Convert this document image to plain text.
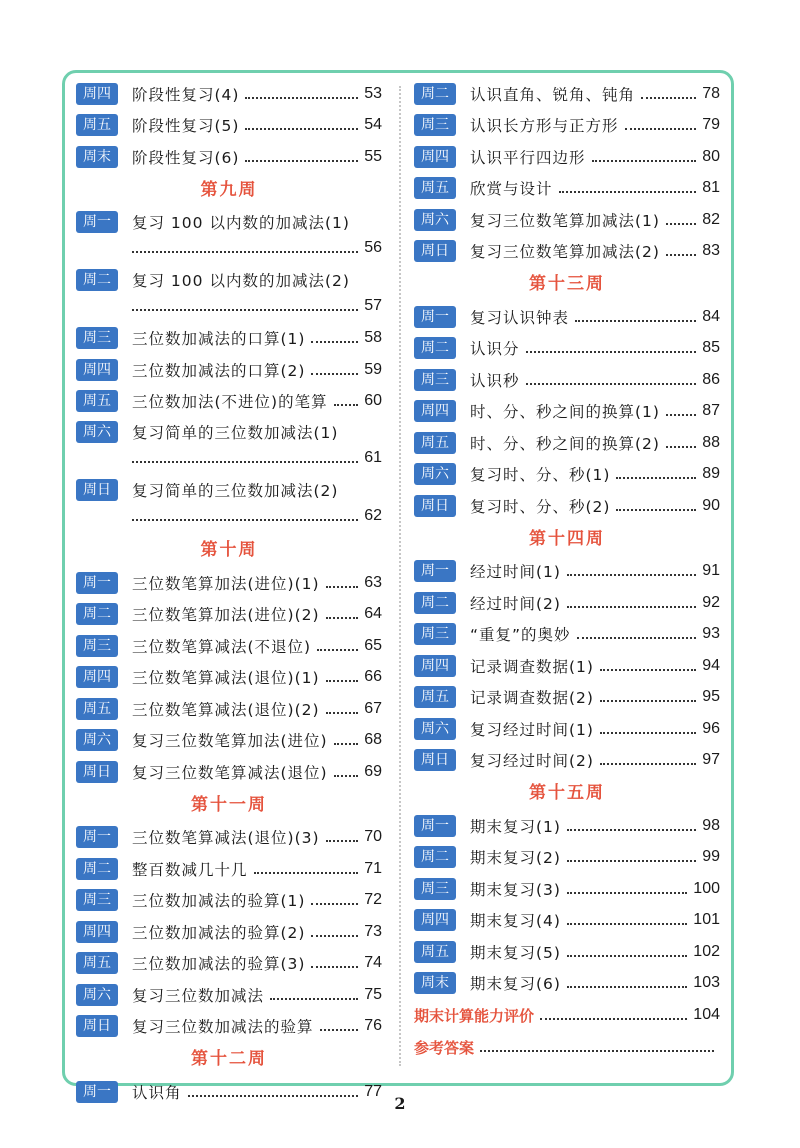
周四	阶段性复习(4)	53
周五	阶段性复习(5)	54
周末	阶段性复习(6)	55
第九周
周一	复习 100 以内数的加减法(1)
56
周二	复习 100 以内数的加减法(2)
57
周三	三位数加减法的口算(1)	58
周四	三位数加减法的口算(2)	59
周五	三位数加法(不进位)的笔算 60
周六	复习简单的三位数加减法(1)
61
周日	复习简单的三位数加减法(2)
62
第十周
周一	三位数笔算加法(进位)(1)	63
周二	三位数笔算加法(进位)(2)	64
周三	三位数笔算减法(不退位)	65
周四	三位数笔算减法(退位)(1)	66
周五	三位数笔算减法(退位)(2)	67
周六	复习三位数笔算加法(进位) 68
周日	复习三位数笔算减法(退位) 69
第十一周
周一	三位数笔算减法(退位)(3)	70
周二	整百数减几十几	71
周三	三位数加减法的验算(1)	72
周四	三位数加减法的验算(2)	73
周五	三位数加减法的验算(3)	74
周六	复习三位数加减法	75
周日	复习三位数加减法的验算	76
第十二周
周一	认识角	77
周二	认识直角、锐角、钝角	78
周三	认识长方形与正方形	79
周四	认识平行四边形	80
周五	欣赏与设计	81
周六	复习三位数笔算加减法(1)	82
周日	复习三位数笔算加减法(2)	83
第十三周
周一	复习认识钟表	84
周二	认识分	85
周三	认识秒	86
周四	时、分、秒之间的换算(1)	87
周五	时、分、秒之间的换算(2)	88
周六	复习时、分、秒(1)	89
周日	复习时、分、秒(2)	90
第十四周
周一	经过时间(1)	91
周二	经过时间(2)	92
周三	“重复”的奥妙	93
周四	记录调查数据(1)	94
周五	记录调查数据(2)	95
周六	复习经过时间(1)	96
周日	复习经过时间(2)	97
第十五周
周一	期末复习(1)	98
周二	期末复习(2)	99
周三	期末复习(3)	100
周四	期末复习(4)	101
周五	期末复习(5)	102
周末	期末复习(6)	103
期末计算能力评价	104
参考答案
2
